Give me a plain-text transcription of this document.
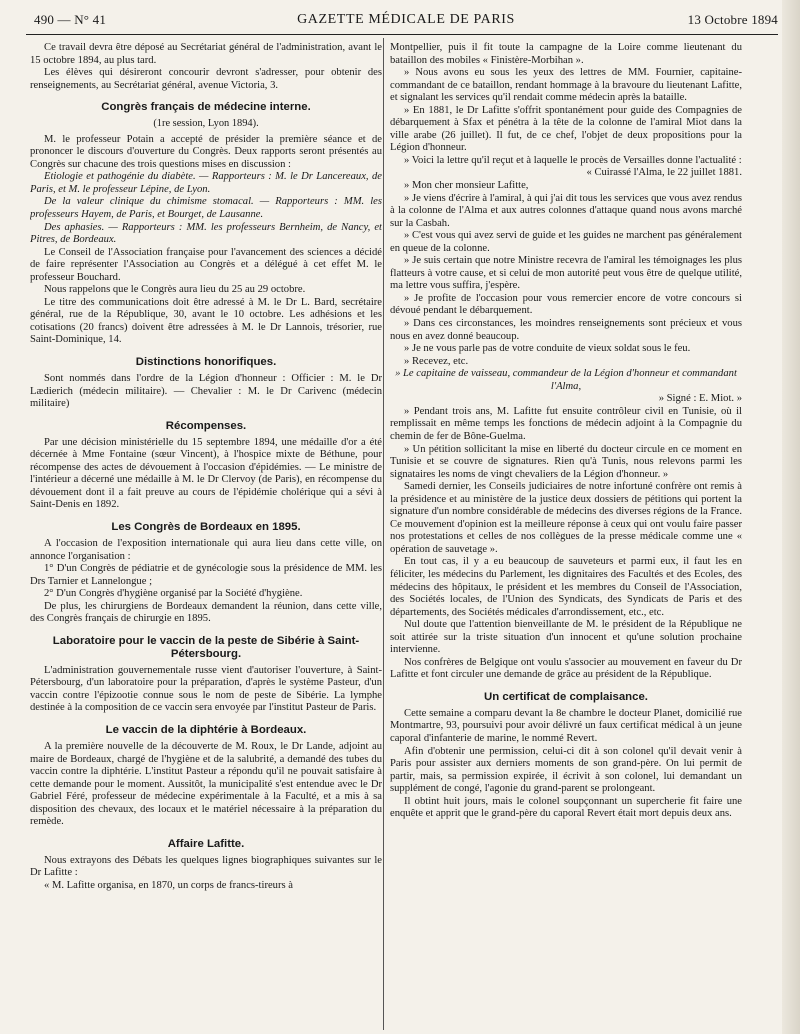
490 — N° 41	GAZETTE MÉDICALE DE PARIS	13 Octobre 1894

Ce travail devra être déposé au Secrétariat général de l'administration, avant le 15 octobre 1894, au plus tard.

Les élèves qui désireront concourir devront s'adresser, pour obtenir des renseignements, au Secrétariat général, avenue Victoria, 3.

Congrès français de médecine interne.
(1re session, Lyon 1894).

M. le professeur Potain a accepté de présider la première séance et de prononcer le discours d'ouverture du Congrès. Deux rapports seront présentés au Congrès sur chacune des trois questions mises en discussion :

Etiologie et pathogénie du diabète. — Rapporteurs : M. le Dr Lancereaux, de Paris, et M. le professeur Lépine, de Lyon.

De la valeur clinique du chimisme stomacal. — Rapporteurs : MM. les professeurs Hayem, de Paris, et Bourget, de Lausanne.

Des aphasies. — Rapporteurs : MM. les professeurs Bernheim, de Nancy, et Pitres, de Bordeaux.

Le Conseil de l'Association française pour l'avancement des sciences a décidé de faire représenter l'Association au Congrès et a délégué à cet effet M. le professeur Bouchard.

Nous rappelons que le Congrès aura lieu du 25 au 29 octobre.

Le titre des communications doit être adressé à M. le Dr L. Bard, secrétaire général, rue de la République, 30, avant le 10 octobre. Les adhésions et les cotisations (20 francs) doivent être adressées à M. le Dr Lannois, trésorier, rue Saint-Dominique, 14.

Distinctions honorifiques.

Sont nommés dans l'ordre de la Légion d'honneur : Officier : M. le Dr Lædierich (médecin militaire). — Chevalier : M. le Dr Carivenc (médecin militaire)

Récompenses.

Par une décision ministérielle du 15 septembre 1894, une médaille d'or a été décernée à Mme Fontaine (sœur Vincent), à l'hospice mixte de Béthune, pour récompense des actes de dévouement à l'occasion d'épidémies. — Le ministre de l'intérieur a décerné une médaille à M. le Dr Clervoy (de Paris), en récompense du dévouement dont il a fait preuve au cours de l'épidémie cholérique qui a sévi à Saint-Denis en 1892.

Les Congrès de Bordeaux en 1895.

A l'occasion de l'exposition internationale qui aura lieu dans cette ville, on annonce l'organisation :

1° D'un Congrès de pédiatrie et de gynécologie sous la présidence de MM. les Drs Tarnier et Lannelongue ;

2° D'un Congrès d'hygiène organisé par la Société d'hygiène.

De plus, les chirurgiens de Bordeaux demandent la réunion, dans cette ville, des Congrès français de chirurgie en 1895.

Laboratoire pour le vaccin de la peste de Sibérie à Saint-Pétersbourg.

L'administration gouvernementale russe vient d'autoriser l'ouverture, à Saint-Pétersbourg, d'un laboratoire pour la préparation, d'après le système Pasteur, d'un vaccin contre l'épizootie connue sous le nom de peste de Sibérie. La lymphe destinée à la composition de ce vaccin sera envoyée par l'institut Pasteur de Paris.

Le vaccin de la diphtérie à Bordeaux.

A la première nouvelle de la découverte de M. Roux, le Dr Lande, adjoint au maire de Bordeaux, chargé de l'hygiène et de la salubrité, a demandé des tubes du vaccin contre la diphtérie. L'institut Pasteur a répondu qu'il ne pouvait satisfaire à cette demande pour le moment. Aussitôt, la municipalité s'est entendue avec le Dr Gabriel Féré, professeur de médecine expérimentale à la Faculté, et a mis à sa disposition des chevaux, des locaux et le matériel nécessaire à la préparation du remède.

Affaire Lafitte.

Nous extrayons des Débats les quelques lignes biographiques suivantes sur le Dr Lafitte :

« M. Lafitte organisa, en 1870, un corps de francs-tireurs à

Montpellier, puis il fit toute la campagne de la Loire comme lieutenant du bataillon des mobiles « Finistère-Morbihan ».

» Nous avons eu sous les yeux des lettres de MM. Fournier, capitaine-commandant de ce bataillon, rendant hommage à la bravoure du lieutenant Lafitte, et signalant les services qu'il rendait comme médecin après la bataille.

» En 1881, le Dr Lafitte s'offrit spontanément pour guide des Compagnies de débarquement à Sfax et pénétra à la tête de la colonne de l'amiral Miot dans la ville arabe (26 juillet). Il fut, de ce chef, l'objet de deux propositions pour la Légion d'honneur.

» Voici la lettre qu'il reçut et à laquelle le procès de Versailles donne l'actualité :

« Cuirassé l'Alma, le 22 juillet 1881.

» Mon cher monsieur Lafitte,

» Je viens d'écrire à l'amiral, à qui j'ai dit tous les services que vous avez rendus à la colonne de l'Alma et aux autres colonnes d'attaque quand nous avons marché sur la Casbah.

» C'est vous qui avez servi de guide et les guides ne marchent pas généralement en queue de la colonne.

» Je suis certain que notre Ministre recevra de l'amiral les témoignages les plus flatteurs à votre cause, et si celui de mon autorité peut vous être de quelque utilité, ma lettre vous suffira, j'espère.

» Je profite de l'occasion pour vous remercier encore de votre concours si dévoué pendant le débarquement.

» Dans ces circonstances, les moindres renseignements sont précieux et vous nous en avez donné beaucoup.

» Je ne vous parle pas de votre conduite de vieux soldat sous le feu.

» Recevez, etc.

» Le capitaine de vaisseau, commandeur de la Légion d'honneur et commandant l'Alma,

» Signé : E. Miot. »

» Pendant trois ans, M. Lafitte fut ensuite contrôleur civil en Tunisie, où il remplissait en même temps les fonctions de médecin adjoint à la Compagnie du chemin de fer de Bône-Guelma.

» Un pétition sollicitant la mise en liberté du docteur circule en ce moment en Tunisie et se couvre de signatures. Rien qu'à Tunis, nous relevons parmi les signataires les noms de vingt chevaliers de la Légion d'honneur. »

Samedi dernier, les Conseils judiciaires de notre infortuné confrère ont remis à la présidence et au ministère de la justice deux dossiers de pétitions qui portent la signature d'un nombre considérable de médecins des diverses régions de la France. Ce mouvement d'opinion est la meilleure réponse à ceux qui ont voulu faire passer nos protestations et celles de nos collègues de la presse médicale comme une « opération de sauvetage ».

En tout cas, il y a eu beaucoup de sauveteurs et parmi eux, il faut les en féliciter, les médecins du Parlement, les dignitaires des Facultés et des Ecoles, des médecins des hôpitaux, le président et les membres du Conseil de l'Association, des Sociétés locales, de l'Union des Syndicats, des Syndicats de Paris et des départements, des Sociétés médicales d'arrondissement, etc., etc.

Nul doute que l'attention bienveillante de M. le président de la République ne soit attirée sur la triste situation d'un innocent et qu'une solution prochaine intervienne.

Nos confrères de Belgique ont voulu s'associer au mouvement en faveur du Dr Lafitte et font circuler une demande de grâce au président de la République.

Un certificat de complaisance.

Cette semaine a comparu devant la 8e chambre le docteur Planet, domicilié rue Montmartre, 93, poursuivi pour avoir délivré un faux certificat médical à un jeune caporal d'infanterie de marine, le nommé Revert.

Afin d'obtenir une permission, celui-ci dit à son colonel qu'il devait venir à Paris pour assister aux derniers moments de son grand-père. On lui permit de partir, mais, sa permission expirée, il écrivit à son colonel, lui demandant un supplément de congé, l'agonie du grand-parent se prolongeant.

Il obtint huit jours, mais le colonel soupçonnant un supercherie fit faire une enquête et apprit que le grand-père du caporal Revert était mort depuis deux ans.
